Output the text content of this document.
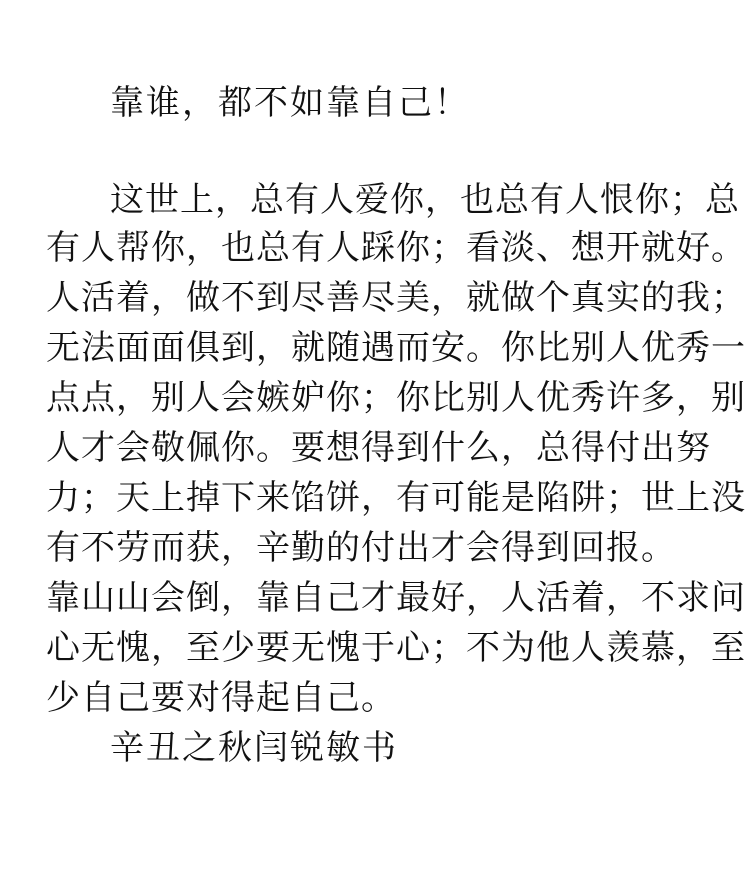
靠谁，都不如靠自己！
这世上，总有人爱你，也总有人恨你；总
有人帮你，也总有人踩你；看淡、想开就好。
人活着，做不到尽善尽美，就做个真实的我；
无法面面俱到，就随遇而安。你比别人优秀一
点点，别人会嫉妒你；你比别人优秀许多，别
人才会敬佩你。要想得到什么，总得付出努
力；天上掉下来馅饼，有可能是陷阱；世上没
有不劳而获，辛勤的付出才会得到回报。
靠山山会倒，靠自己才最好，人活着，不求问
心无愧，至少要无愧于心；不为他人羡慕，至
少自己要对得起自己。
辛丑之秋闫锐敏书
